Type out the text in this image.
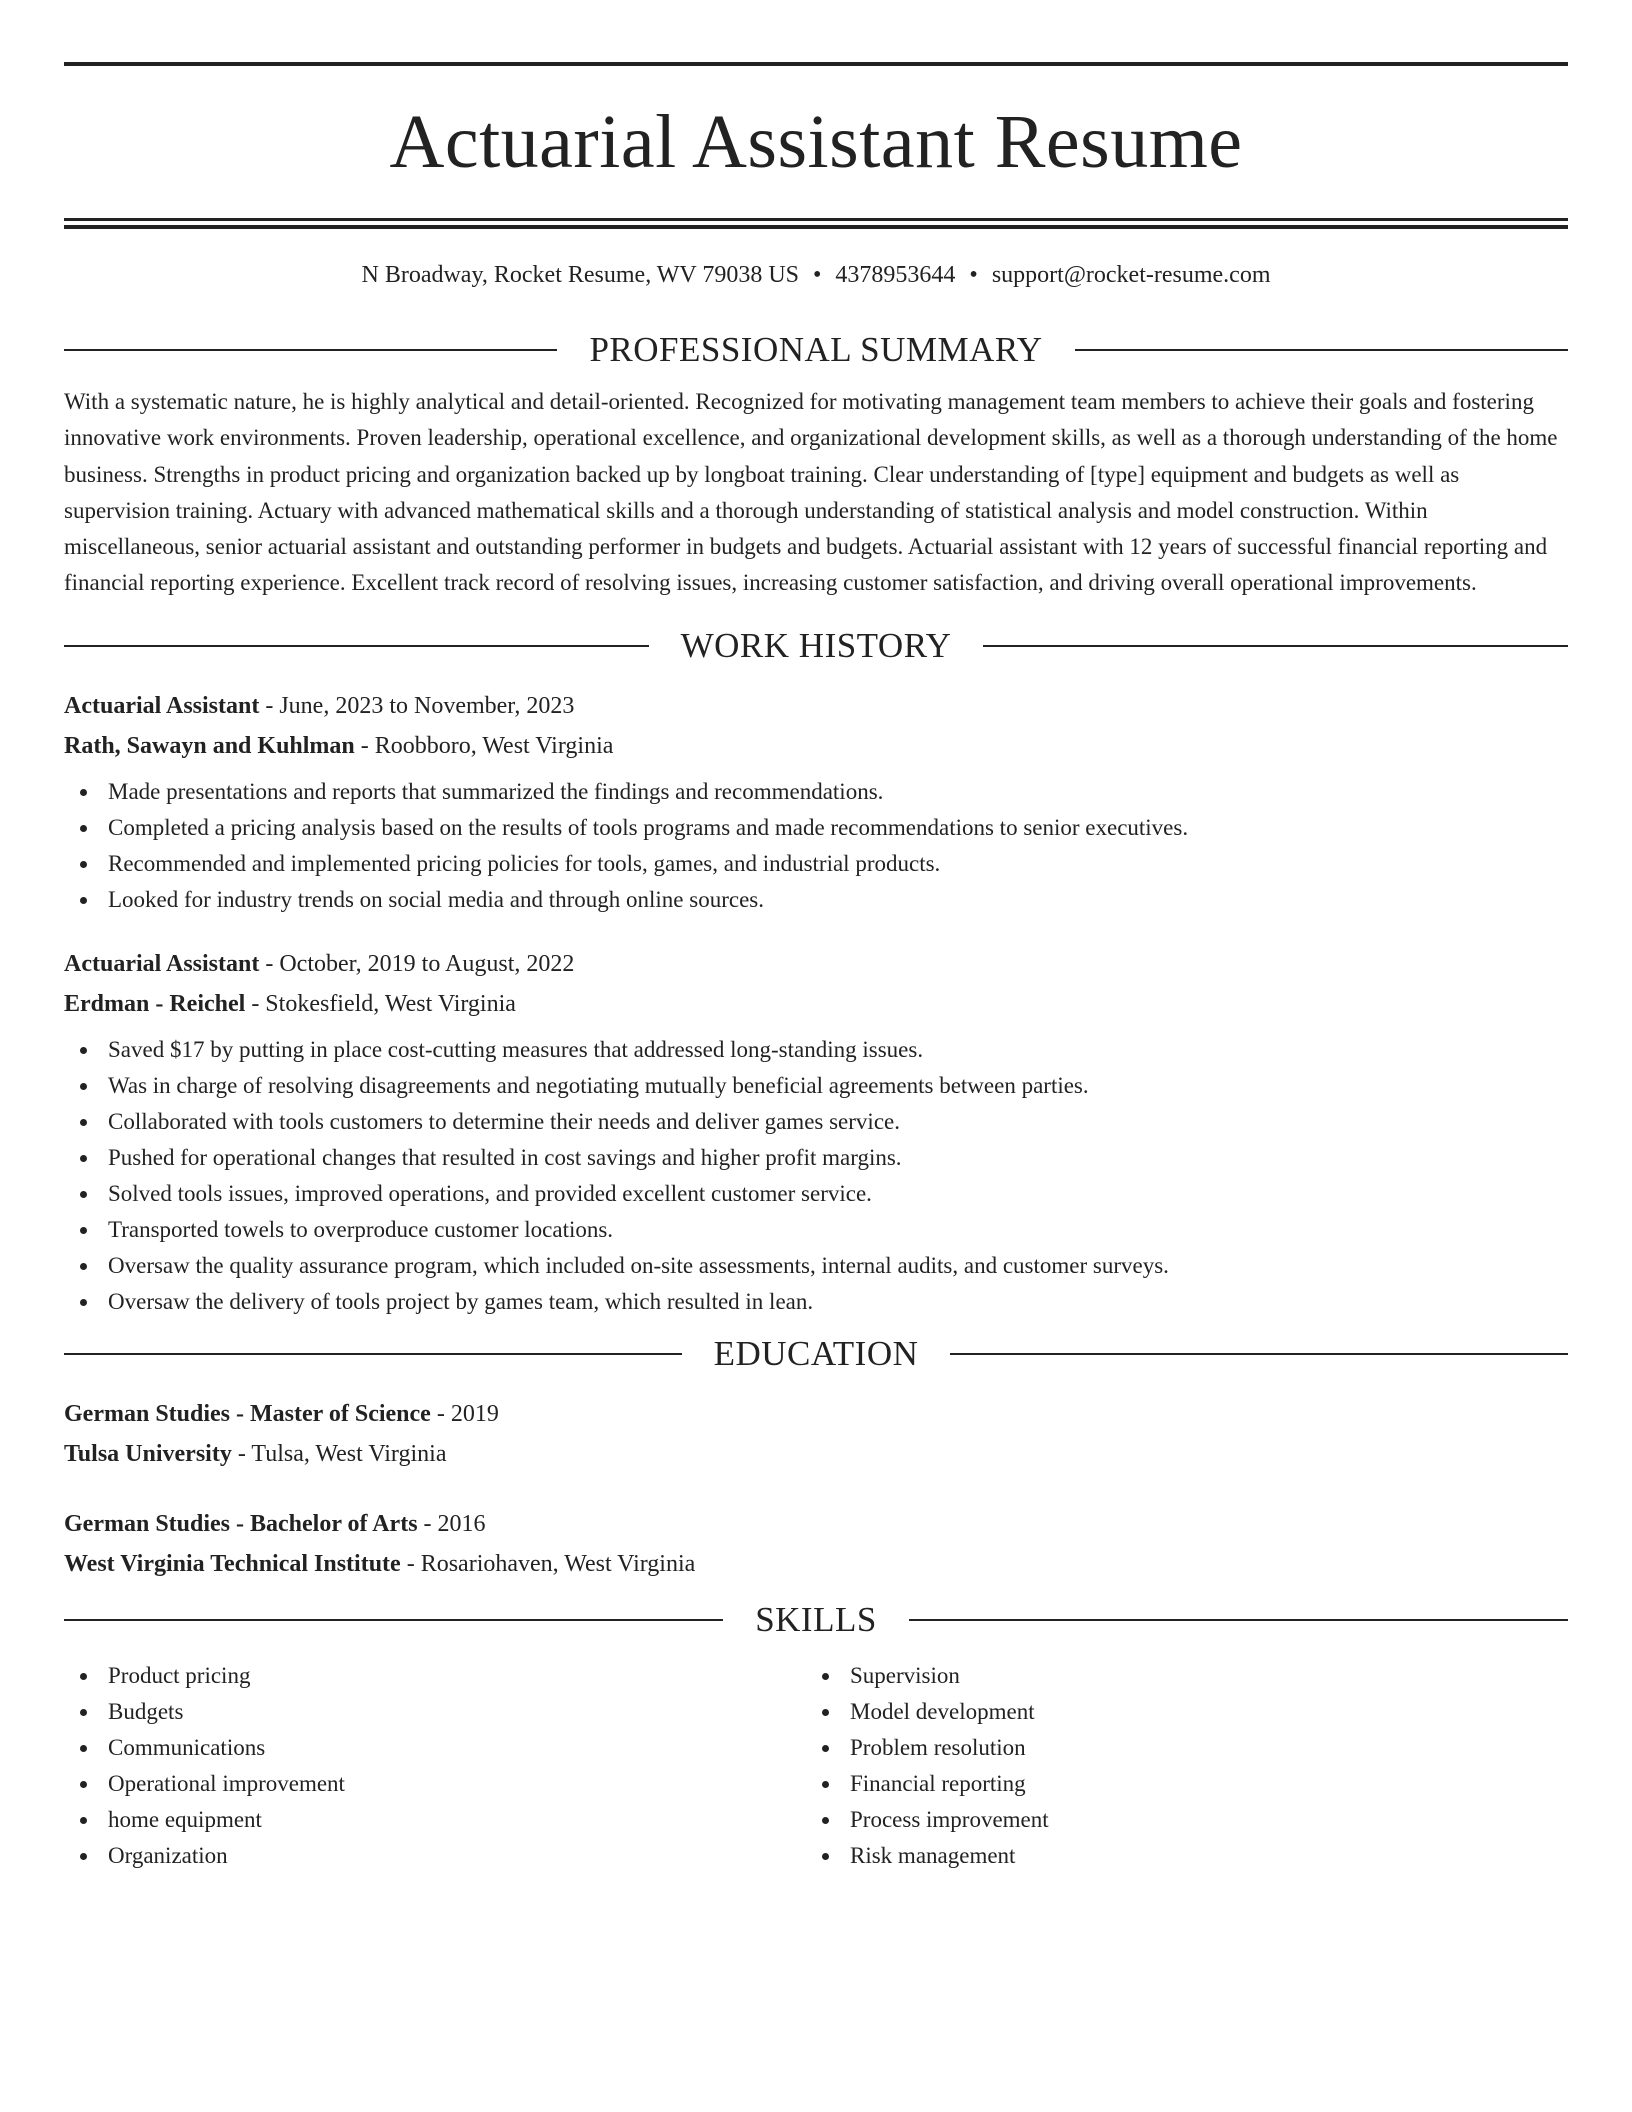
Actuarial Assistant Resume
N Broadway, Rocket Resume, WV 79038 US • 4378953644 • support@rocket-resume.com
PROFESSIONAL SUMMARY
With a systematic nature, he is highly analytical and detail-oriented. Recognized for motivating management team members to achieve their goals and fostering innovative work environments. Proven leadership, operational excellence, and organizational development skills, as well as a thorough understanding of the home business. Strengths in product pricing and organization backed up by longboat training. Clear understanding of [type] equipment and budgets as well as supervision training. Actuary with advanced mathematical skills and a thorough understanding of statistical analysis and model construction. Within miscellaneous, senior actuarial assistant and outstanding performer in budgets and budgets. Actuarial assistant with 12 years of successful financial reporting and financial reporting experience. Excellent track record of resolving issues, increasing customer satisfaction, and driving overall operational improvements.
WORK HISTORY
Actuarial Assistant - June, 2023 to November, 2023
Rath, Sawayn and Kuhlman - Roobboro, West Virginia
Made presentations and reports that summarized the findings and recommendations.
Completed a pricing analysis based on the results of tools programs and made recommendations to senior executives.
Recommended and implemented pricing policies for tools, games, and industrial products.
Looked for industry trends on social media and through online sources.
Actuarial Assistant - October, 2019 to August, 2022
Erdman - Reichel - Stokesfield, West Virginia
Saved $17 by putting in place cost-cutting measures that addressed long-standing issues.
Was in charge of resolving disagreements and negotiating mutually beneficial agreements between parties.
Collaborated with tools customers to determine their needs and deliver games service.
Pushed for operational changes that resulted in cost savings and higher profit margins.
Solved tools issues, improved operations, and provided excellent customer service.
Transported towels to overproduce customer locations.
Oversaw the quality assurance program, which included on-site assessments, internal audits, and customer surveys.
Oversaw the delivery of tools project by games team, which resulted in lean.
EDUCATION
German Studies - Master of Science - 2019
Tulsa University - Tulsa, West Virginia
German Studies - Bachelor of Arts - 2016
West Virginia Technical Institute - Rosariohaven, West Virginia
SKILLS
Product pricing
Budgets
Communications
Operational improvement
home equipment
Organization
Supervision
Model development
Problem resolution
Financial reporting
Process improvement
Risk management
